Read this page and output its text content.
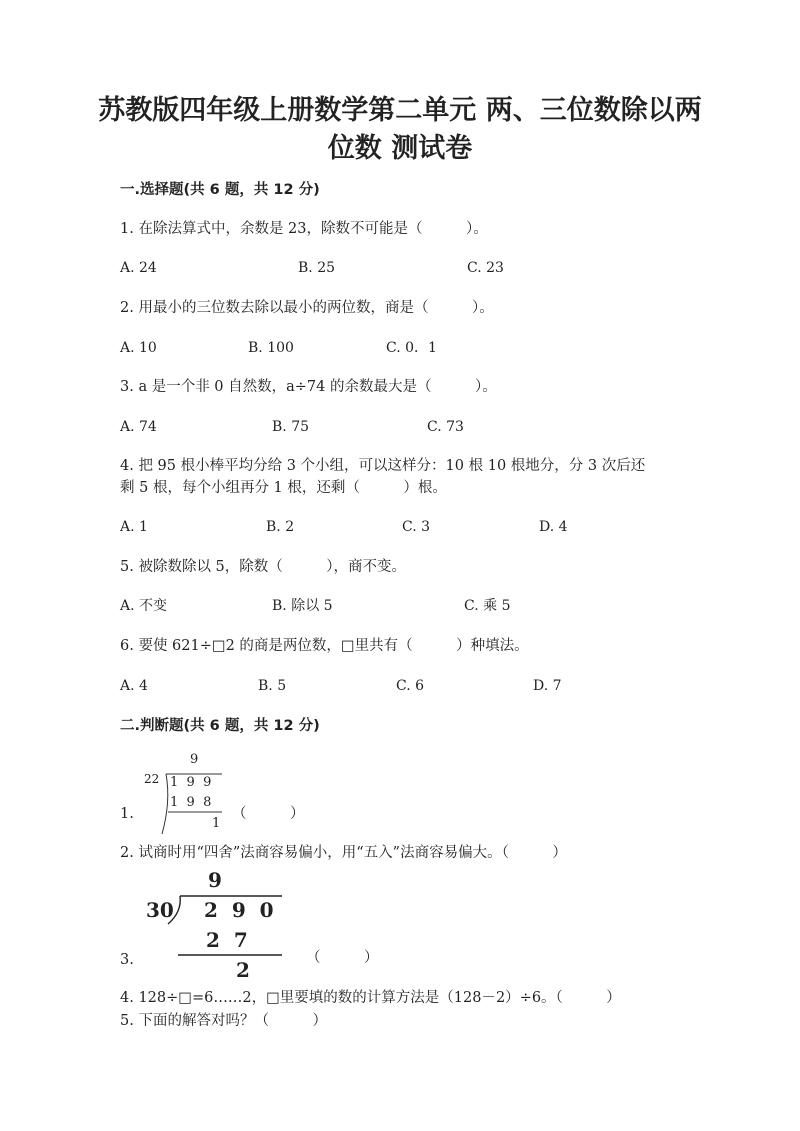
苏教版四年级上册数学第二单元 两、三位数除以两
位数 测试卷
一.选择题(共 6 题，共 12 分)
1. 在除法算式中，余数是 23，除数不可能是（　　　）。
A. 24	B. 25	C. 23
2. 用最小的三位数去除以最小的两位数，商是（　　　）。
A. 10	B. 100	C. 0．1
3. a 是一个非 0 自然数，a÷74 的余数最大是（　　　）。
A. 74	B. 75	C. 73
4. 把 95 根小棒平均分给 3 个小组，可以这样分：10 根 10 根地分，分 3 次后还
剩 5 根，每个小组再分 1 根，还剩（　　　）根。
A. 1	B. 2	C. 3	D. 4
5. 被除数除以 5，除数（　　　），商不变。
A. 不变	B. 除以 5	C. 乘 5
6. 要使 621÷□2 的商是两位数，□里共有（　　　）种填法。
A. 4	B. 5	C. 6	D. 7
二.判断题(共 6 题，共 12 分)
9
22 1  9  9
1  9  8
1
1.	（　　　）
2. 试商时用“四舍”法商容易偏小，用“五入”法商容易偏大。（　　　）
9
30 2  9  0
2  7
2
3.	（　　　）
4. 128÷□=6……2，□里要填的数的计算方法是（128－2）÷6。（　　　）
5. 下面的解答对吗？（　　　）
